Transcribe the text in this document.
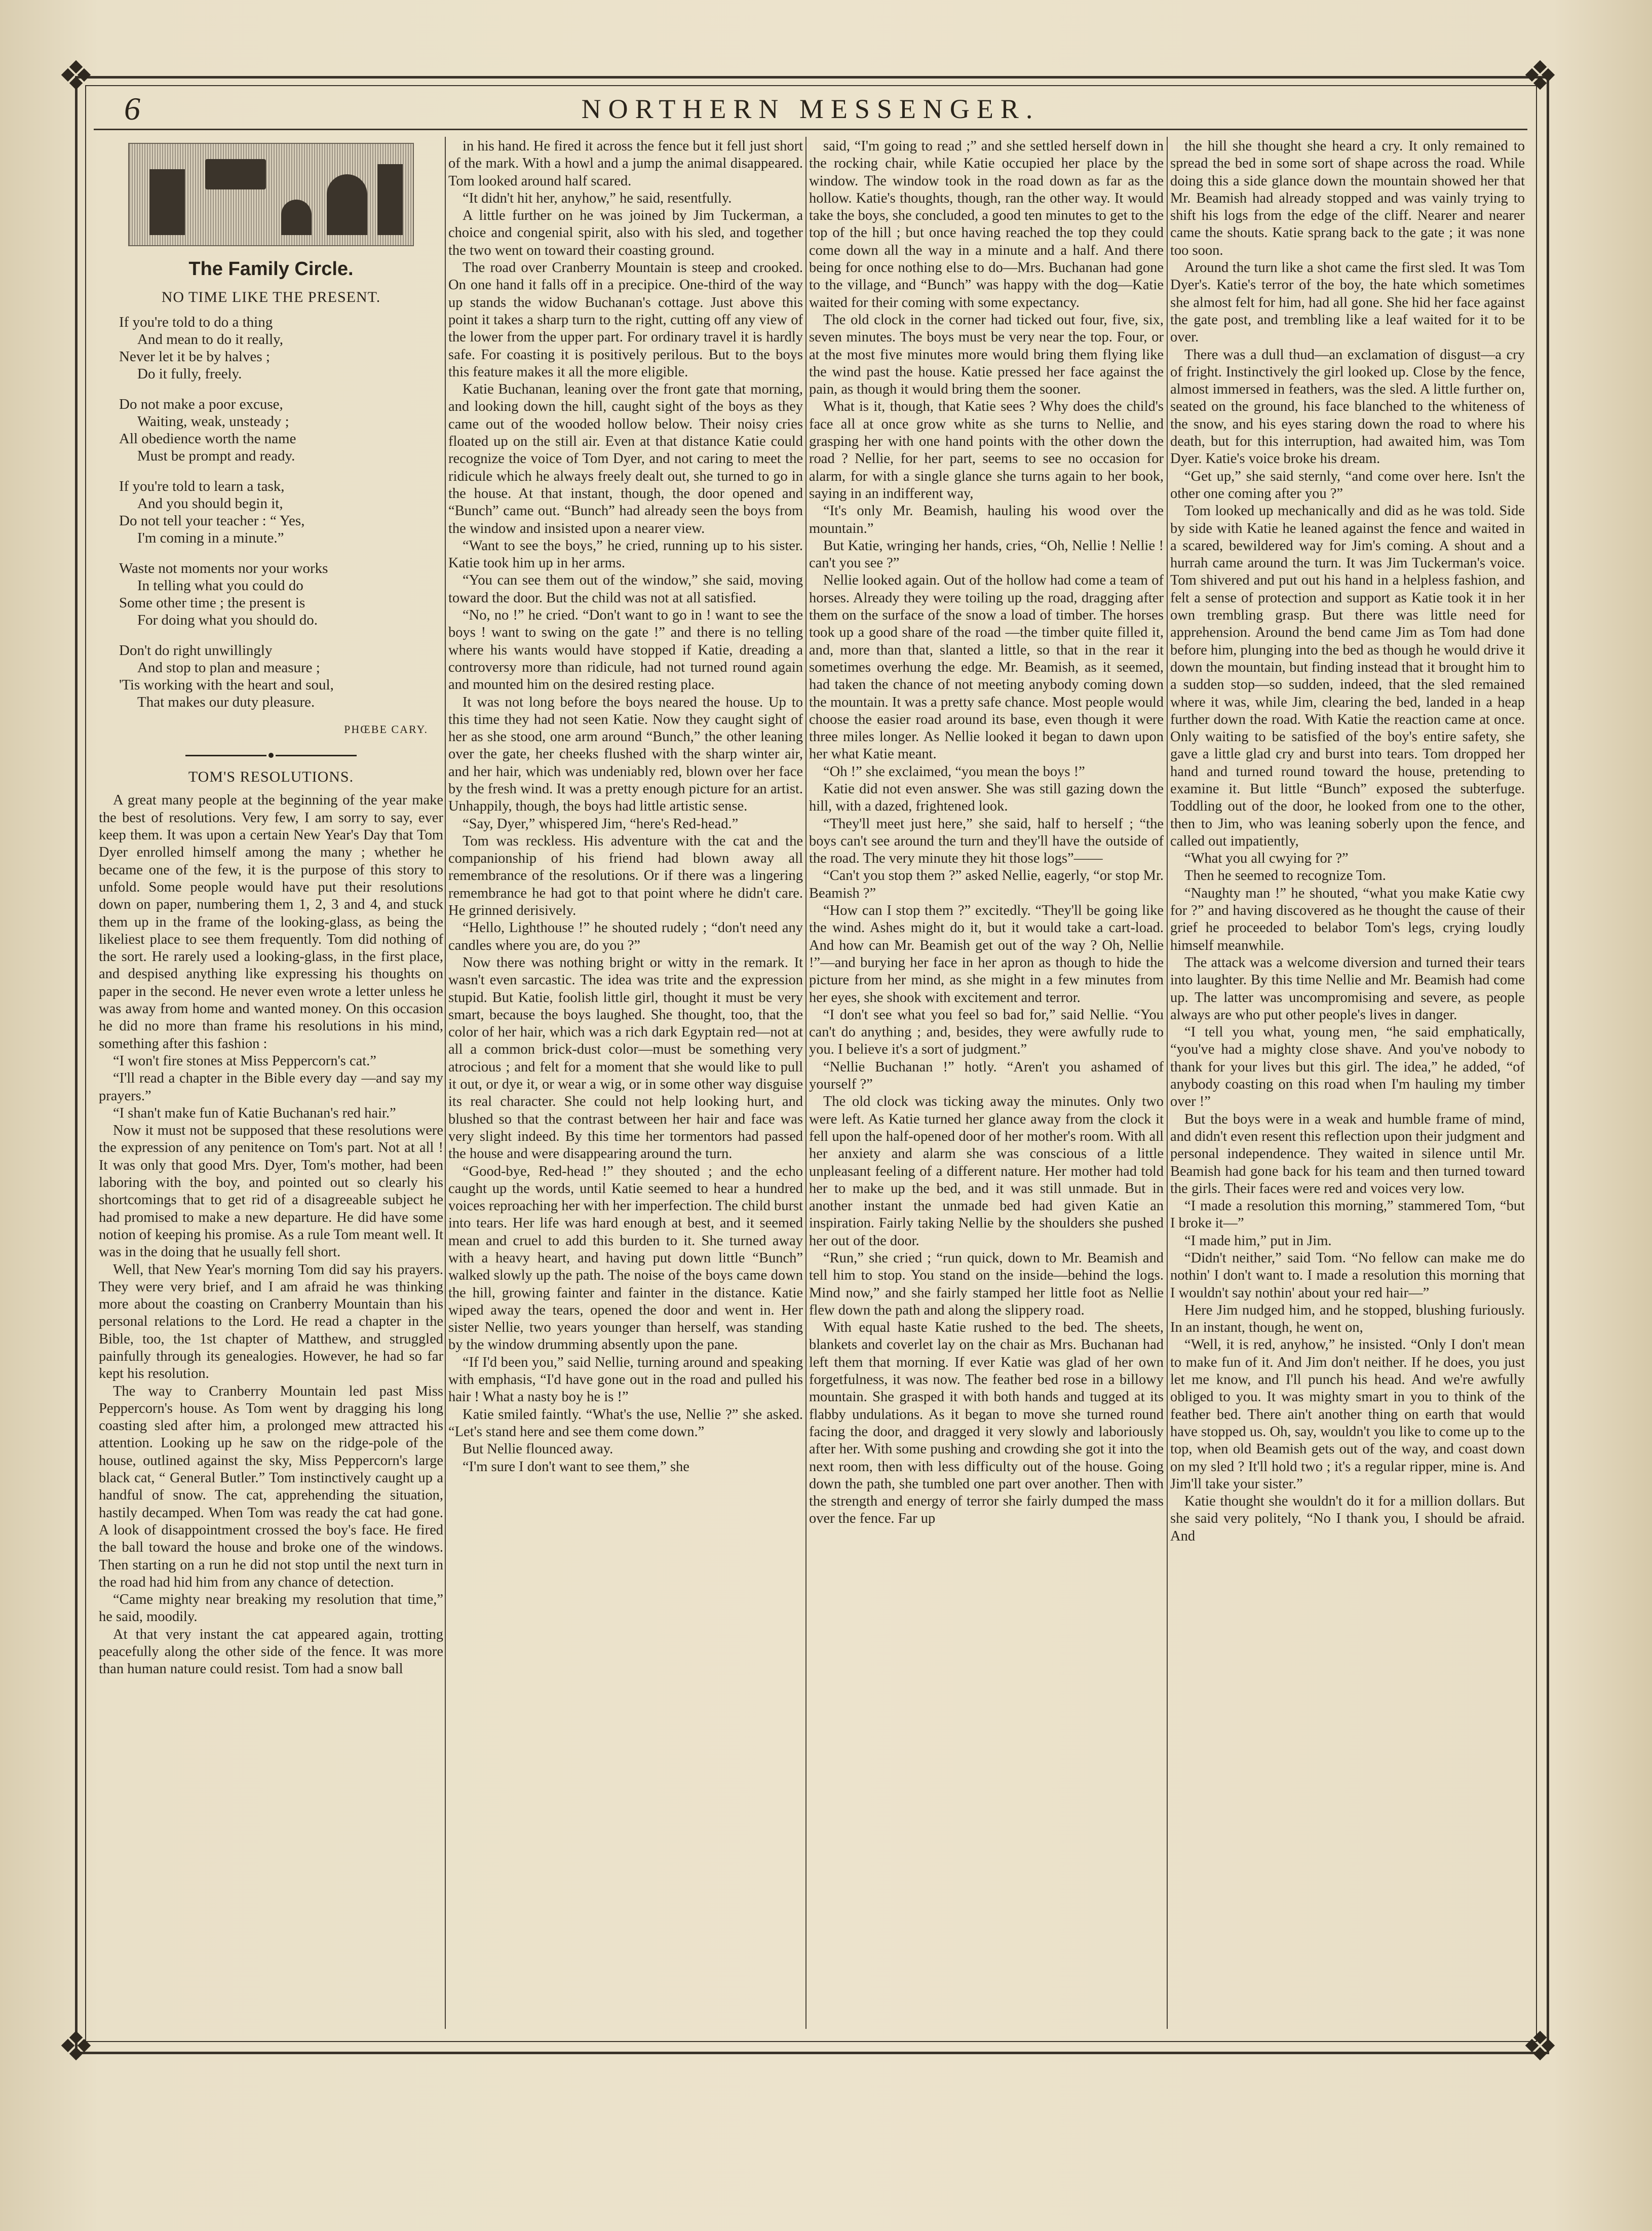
❖	❖
❖	❖
6	NORTHERN MESSENGER.
The Family Circle.
NO TIME LIKE THE PRESENT.
If you're told to do a thing
And mean to do it really,
Never let it be by halves ;
Do it fully, freely.
Do not make a poor excuse,
Waiting, weak, unsteady ;
All obedience worth the name
Must be prompt and ready.
If you're told to learn a task,
And you should begin it,
Do not tell your teacher : “ Yes,
I'm coming in a minute.”
Waste not moments nor your works
In telling what you could do
Some other time ; the present is
For doing what you should do.
Don't do right unwillingly
And stop to plan and measure ;
'Tis working with the heart and soul,
That makes our duty pleasure.
PHŒBE CARY.
TOM'S RESOLUTIONS.

A great many people at the beginning of the year make the best of resolutions. Very few, I am sorry to say, ever keep them. It was upon a certain New Year's Day that Tom Dyer enrolled himself among the many ; whether he became one of the few, it is the purpose of this story to unfold. Some people would have put their resolutions down on paper, numbering them 1, 2, 3 and 4, and stuck them up in the frame of the looking-glass, as being the likeliest place to see them frequently. Tom did nothing of the sort. He rarely used a looking-glass, in the first place, and despised anything like expressing his thoughts on paper in the second. He never even wrote a letter unless he was away from home and wanted money. On this occasion he did no more than frame his resolutions in his mind, something after this fashion :

“I won't fire stones at Miss Peppercorn's cat.”

“I'll read a chapter in the Bible every day —and say my prayers.”

“I shan't make fun of Katie Buchanan's red hair.”

Now it must not be supposed that these resolutions were the expression of any penitence on Tom's part. Not at all ! It was only that good Mrs. Dyer, Tom's mother, had been laboring with the boy, and pointed out so clearly his shortcomings that to get rid of a disagreeable subject he had promised to make a new departure. He did have some notion of keeping his promise. As a rule Tom meant well. It was in the doing that he usually fell short.

Well, that New Year's morning Tom did say his prayers. They were very brief, and I am afraid he was thinking more about the coasting on Cranberry Mountain than his personal relations to the Lord. He read a chapter in the Bible, too, the 1st chapter of Matthew, and struggled painfully through its genealogies. However, he had so far kept his resolution.

The way to Cranberry Mountain led past Miss Peppercorn's house. As Tom went by dragging his long coasting sled after him, a prolonged mew attracted his attention. Looking up he saw on the ridge-pole of the house, outlined against the sky, Miss Peppercorn's large black cat, “ General Butler.” Tom instinctively caught up a handful of snow. The cat, apprehending the situation, hastily decamped. When Tom was ready the cat had gone. A look of disappointment crossed the boy's face. He fired the ball toward the house and broke one of the windows. Then starting on a run he did not stop until the next turn in the road had hid him from any chance of detection.

“Came mighty near breaking my resolution that time,” he said, moodily.

At that very instant the cat appeared again, trotting peacefully along the other side of the fence. It was more than human nature could resist. Tom had a snow ball

in his hand. He fired it across the fence but it fell just short of the mark. With a howl and a jump the animal disappeared. Tom looked around half scared.

“It didn't hit her, anyhow,” he said, resentfully.

A little further on he was joined by Jim Tuckerman, a choice and congenial spirit, also with his sled, and together the two went on toward their coasting ground.

The road over Cranberry Mountain is steep and crooked. On one hand it falls off in a precipice. One-third of the way up stands the widow Buchanan's cottage. Just above this point it takes a sharp turn to the right, cutting off any view of the lower from the upper part. For ordinary travel it is hardly safe. For coasting it is positively perilous. But to the boys this feature makes it all the more eligible.

Katie Buchanan, leaning over the front gate that morning, and looking down the hill, caught sight of the boys as they came out of the wooded hollow below. Their noisy cries floated up on the still air. Even at that distance Katie could recognize the voice of Tom Dyer, and not caring to meet the ridicule which he always freely dealt out, she turned to go in the house. At that instant, though, the door opened and “Bunch” came out. “Bunch” had already seen the boys from the window and insisted upon a nearer view.

“Want to see the boys,” he cried, running up to his sister. Katie took him up in her arms.

“You can see them out of the window,” she said, moving toward the door. But the child was not at all satisfied.

“No, no !” he cried. “Don't want to go in ! want to see the boys ! want to swing on the gate !” and there is no telling where his wants would have stopped if Katie, dreading a controversy more than ridicule, had not turned round again and mounted him on the desired resting place.

It was not long before the boys neared the house. Up to this time they had not seen Katie. Now they caught sight of her as she stood, one arm around “Bunch,” the other leaning over the gate, her cheeks flushed with the sharp winter air, and her hair, which was undeniably red, blown over her face by the fresh wind. It was a pretty enough picture for an artist. Unhappily, though, the boys had little artistic sense.

“Say, Dyer,” whispered Jim, “here's Red-head.”

Tom was reckless. His adventure with the cat and the companionship of his friend had blown away all remembrance of the resolutions. Or if there was a lingering remembrance he had got to that point where he didn't care. He grinned derisively.

“Hello, Lighthouse !” he shouted rudely ; “don't need any candles where you are, do you ?”

Now there was nothing bright or witty in the remark. It wasn't even sarcastic. The idea was trite and the expression stupid. But Katie, foolish little girl, thought it must be very smart, because the boys laughed. She thought, too, that the color of her hair, which was a rich dark Egyptain red—not at all a common brick-dust color—must be something very atrocious ; and felt for a moment that she would like to pull it out, or dye it, or wear a wig, or in some other way disguise its real character. She could not help looking hurt, and blushed so that the contrast between her hair and face was very slight indeed. By this time her tormentors had passed the house and were disappearing around the turn.

“Good-bye, Red-head !” they shouted ; and the echo caught up the words, until Katie seemed to hear a hundred voices reproaching her with her imperfection. The child burst into tears. Her life was hard enough at best, and it seemed mean and cruel to add this burden to it. She turned away with a heavy heart, and having put down little “Bunch” walked slowly up the path. The noise of the boys came down the hill, growing fainter and fainter in the distance. Katie wiped away the tears, opened the door and went in. Her sister Nellie, two years younger than herself, was standing by the window drumming absently upon the pane.

“If I'd been you,” said Nellie, turning around and speaking with emphasis, “I'd have gone out in the road and pulled his hair ! What a nasty boy he is !”

Katie smiled faintly. “What's the use, Nellie ?” she asked. “Let's stand here and see them come down.”

But Nellie flounced away.

“I'm sure I don't want to see them,” she

said, “I'm going to read ;” and she settled herself down in the rocking chair, while Katie occupied her place by the window. The window took in the road down as far as the hollow. Katie's thoughts, though, ran the other way. It would take the boys, she concluded, a good ten minutes to get to the top of the hill ; but once having reached the top they could come down all the way in a minute and a half. And there being for once nothing else to do—Mrs. Buchanan had gone to the village, and “Bunch” was happy with the dog—Katie waited for their coming with some expectancy.

The old clock in the corner had ticked out four, five, six, seven minutes. The boys must be very near the top. Four, or at the most five minutes more would bring them flying like the wind past the house. Katie pressed her face against the pain, as though it would bring them the sooner.

What is it, though, that Katie sees ? Why does the child's face all at once grow white as she turns to Nellie, and grasping her with one hand points with the other down the road ? Nellie, for her part, seems to see no occasion for alarm, for with a single glance she turns again to her book, saying in an indifferent way,

“It's only Mr. Beamish, hauling his wood over the mountain.”

But Katie, wringing her hands, cries, “Oh, Nellie ! Nellie ! can't you see ?”

Nellie looked again. Out of the hollow had come a team of horses. Already they were toiling up the road, dragging after them on the surface of the snow a load of timber. The horses took up a good share of the road —the timber quite filled it, and, more than that, slanted a little, so that in the rear it sometimes overhung the edge. Mr. Beamish, as it seemed, had taken the chance of not meeting anybody coming down the mountain. It was a pretty safe chance. Most people would choose the easier road around its base, even though it were three miles longer. As Nellie looked it began to dawn upon her what Katie meant.

“Oh !” she exclaimed, “you mean the boys !”

Katie did not even answer. She was still gazing down the hill, with a dazed, frightened look.

“They'll meet just here,” she said, half to herself ; “the boys can't see around the turn and they'll have the outside of the road. The very minute they hit those logs”——

“Can't you stop them ?” asked Nellie, eagerly, “or stop Mr. Beamish ?”

“How can I stop them ?” excitedly. “They'll be going like the wind. Ashes might do it, but it would take a cart-load. And how can Mr. Beamish get out of the way ? Oh, Nellie !”—and burying her face in her apron as though to hide the picture from her mind, as she might in a few minutes from her eyes, she shook with excitement and terror.

“I don't see what you feel so bad for,” said Nellie. “You can't do anything ; and, besides, they were awfully rude to you. I believe it's a sort of judgment.”

“Nellie Buchanan !” hotly. “Aren't you ashamed of yourself ?”

The old clock was ticking away the minutes. Only two were left. As Katie turned her glance away from the clock it fell upon the half-opened door of her mother's room. With all her anxiety and alarm she was conscious of a little unpleasant feeling of a different nature. Her mother had told her to make up the bed, and it was still unmade. But in another instant the unmade bed had given Katie an inspiration. Fairly taking Nellie by the shoulders she pushed her out of the door.

“Run,” she cried ; “run quick, down to Mr. Beamish and tell him to stop. You stand on the inside—behind the logs. Mind now,” and she fairly stamped her little foot as Nellie flew down the path and along the slippery road.

With equal haste Katie rushed to the bed. The sheets, blankets and coverlet lay on the chair as Mrs. Buchanan had left them that morning. If ever Katie was glad of her own forgetfulness, it was now. The feather bed rose in a billowy mountain. She grasped it with both hands and tugged at its flabby undulations. As it began to move she turned round facing the door, and dragged it very slowly and laboriously after her. With some pushing and crowding she got it into the next room, then with less difficulty out of the house. Going down the path, she tumbled one part over another. Then with the strength and energy of terror she fairly dumped the mass over the fence. Far up

the hill she thought she heard a cry. It only remained to spread the bed in some sort of shape across the road. While doing this a side glance down the mountain showed her that Mr. Beamish had already stopped and was vainly trying to shift his logs from the edge of the cliff. Nearer and nearer came the shouts. Katie sprang back to the gate ; it was none too soon.

Around the turn like a shot came the first sled. It was Tom Dyer's. Katie's terror of the boy, the hate which sometimes she almost felt for him, had all gone. She hid her face against the gate post, and trembling like a leaf waited for it to be over.

There was a dull thud—an exclamation of disgust—a cry of fright. Instinctively the girl looked up. Close by the fence, almost immersed in feathers, was the sled. A little further on, seated on the ground, his face blanched to the whiteness of the snow, and his eyes staring down the road to where his death, but for this interruption, had awaited him, was Tom Dyer. Katie's voice broke his dream.

“Get up,” she said sternly, “and come over here. Isn't the other one coming after you ?”

Tom looked up mechanically and did as he was told. Side by side with Katie he leaned against the fence and waited in a scared, bewildered way for Jim's coming. A shout and a hurrah came around the turn. It was Jim Tuckerman's voice. Tom shivered and put out his hand in a helpless fashion, and felt a sense of protection and support as Katie took it in her own trembling grasp. But there was little need for apprehension. Around the bend came Jim as Tom had done before him, plunging into the bed as though he would drive it down the mountain, but finding instead that it brought him to a sudden stop—so sudden, indeed, that the sled remained where it was, while Jim, clearing the bed, landed in a heap further down the road. With Katie the reaction came at once. Only waiting to be satisfied of the boy's entire safety, she gave a little glad cry and burst into tears. Tom dropped her hand and turned round toward the house, pretending to examine it. But little “Bunch” exposed the subterfuge. Toddling out of the door, he looked from one to the other, then to Jim, who was leaning soberly upon the fence, and called out impatiently,

“What you all cwying for ?”

Then he seemed to recognize Tom.

“Naughty man !” he shouted, “what you make Katie cwy for ?” and having discovered as he thought the cause of their grief he proceeded to belabor Tom's legs, crying loudly himself meanwhile.

The attack was a welcome diversion and turned their tears into laughter. By this time Nellie and Mr. Beamish had come up. The latter was uncompromising and severe, as people always are who put other people's lives in danger.

“I tell you what, young men, “he said emphatically, “you've had a mighty close shave. And you've nobody to thank for your lives but this girl. The idea,” he added, “of anybody coasting on this road when I'm hauling my timber over !”

But the boys were in a weak and humble frame of mind, and didn't even resent this reflection upon their judgment and personal independence. They waited in silence until Mr. Beamish had gone back for his team and then turned toward the girls. Their faces were red and voices very low.

“I made a resolution this morning,” stammered Tom, “but I broke it—”

“I made him,” put in Jim.

“Didn't neither,” said Tom. “No fellow can make me do nothin' I don't want to. I made a resolution this morning that I wouldn't say nothin' about your red hair—”

Here Jim nudged him, and he stopped, blushing furiously. In an instant, though, he went on,

“Well, it is red, anyhow,” he insisted. “Only I don't mean to make fun of it. And Jim don't neither. If he does, you just let me know, and I'll punch his head. And we're awfully obliged to you. It was mighty smart in you to think of the feather bed. There ain't another thing on earth that would have stopped us. Oh, say, wouldn't you like to come up to the top, when old Beamish gets out of the way, and coast down on my sled ? It'll hold two ; it's a regular ripper, mine is. And Jim'll take your sister.”

Katie thought she wouldn't do it for a million dollars. But she said very politely, “No I thank you, I should be afraid. And
